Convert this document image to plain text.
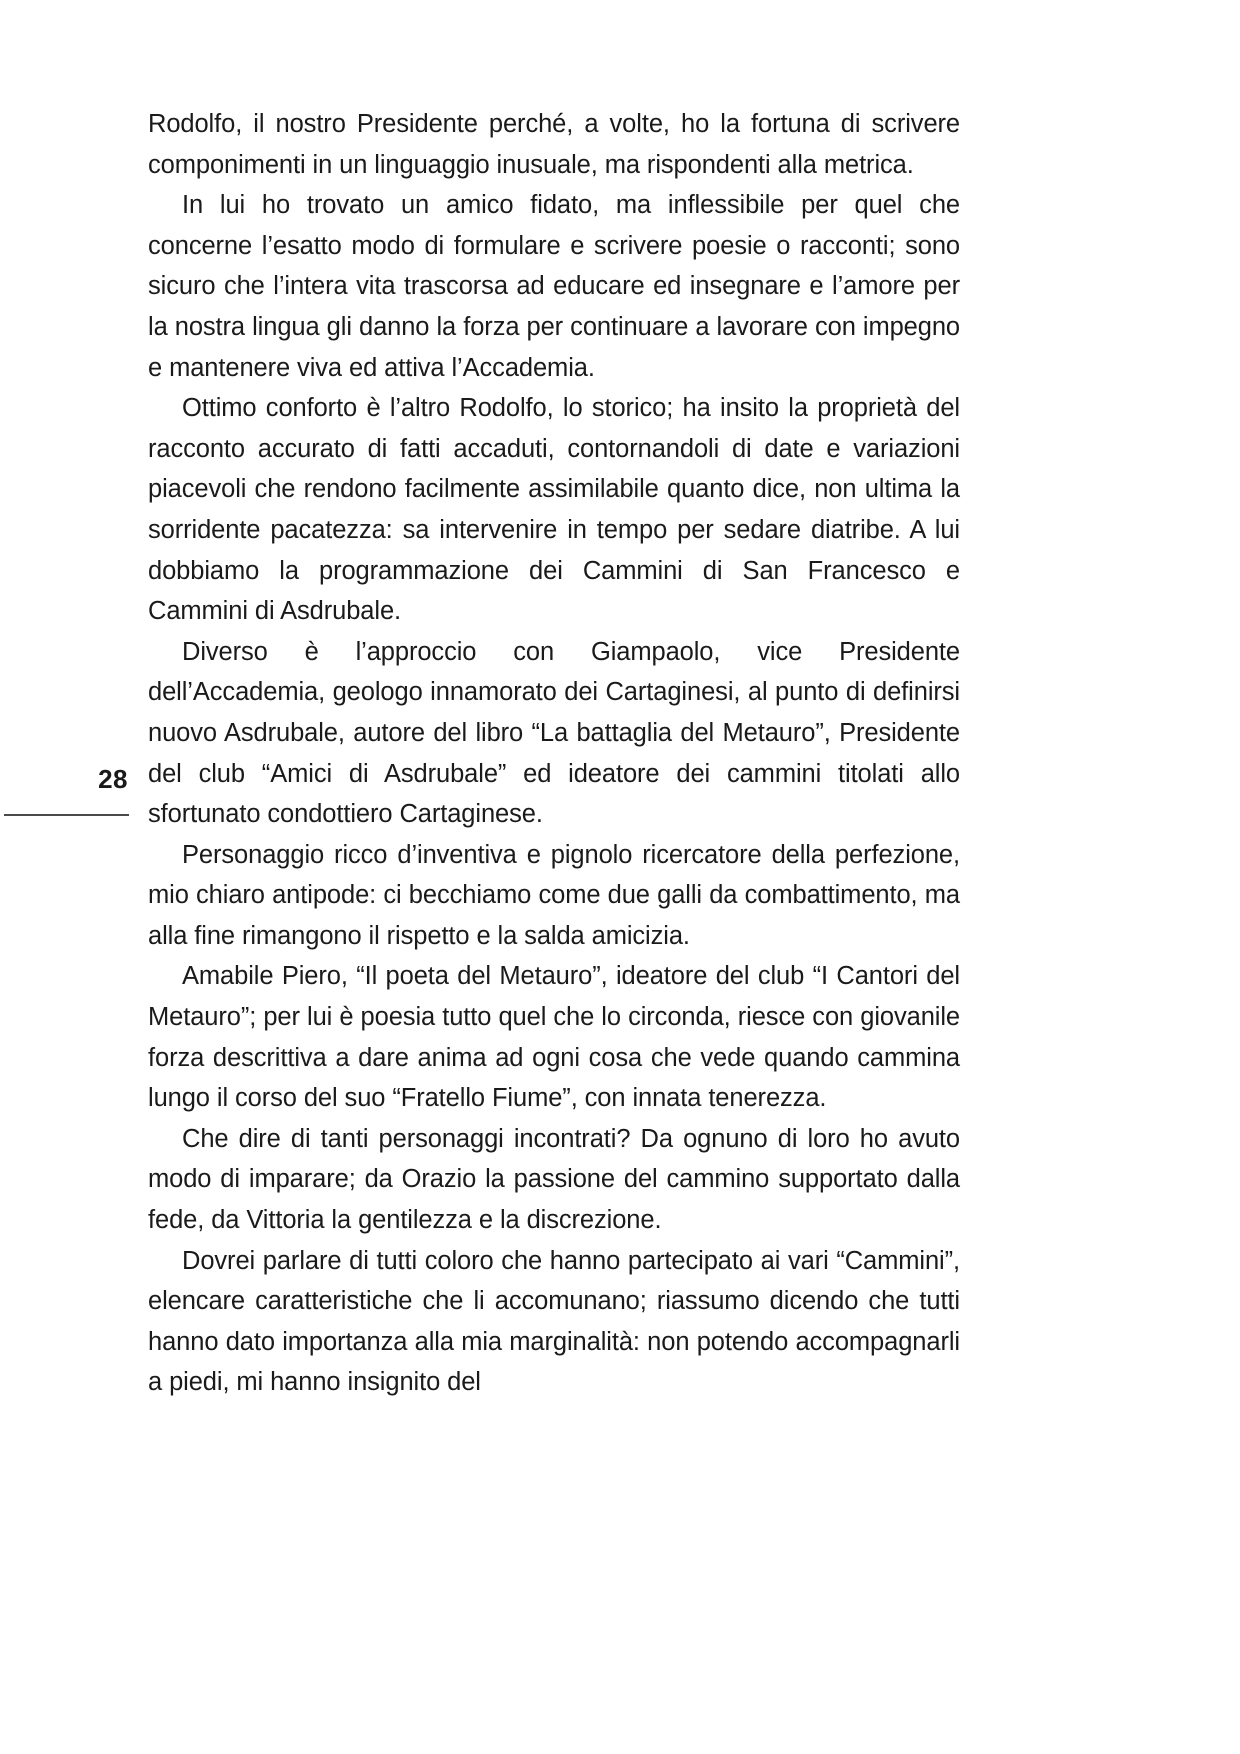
28

Rodolfo, il nostro Presidente perché, a volte, ho la fortuna di scrivere componimenti in un linguaggio inusuale, ma rispondenti alla metrica.

In lui ho trovato un amico fidato, ma inflessibile per quel che concerne l’esatto modo di formulare e scrivere poesie o racconti; sono sicuro che l’intera vita trascorsa ad educare ed insegnare e l’amore per la nostra lingua gli danno la forza per continuare a lavorare con impegno e mantenere viva ed attiva l’Accademia.

Ottimo conforto è l’altro Rodolfo, lo storico; ha insito la proprietà del racconto accurato di fatti accaduti, contornandoli di date e variazioni piacevoli che rendono facilmente assimilabile quanto dice, non ultima la sorridente pacatezza: sa intervenire in tempo per sedare diatribe. A lui dobbiamo la programmazione dei Cammini di San Francesco e Cammini di Asdrubale.

Diverso è l’approccio con Giampaolo, vice Presidente dell’Accademia, geologo innamorato dei Cartaginesi, al punto di definirsi nuovo Asdrubale, autore del libro “La battaglia del Metauro”, Presidente del club “Amici di Asdrubale” ed ideatore dei cammini titolati allo sfortunato condottiero Cartaginese.

Personaggio ricco d’inventiva e pignolo ricercatore della perfezione, mio chiaro antipode: ci becchiamo come due galli da combattimento, ma alla fine rimangono il rispetto e la salda amicizia.

Amabile Piero, “Il poeta del Metauro”, ideatore del club “I Cantori del Metauro”; per lui è poesia tutto quel che lo circonda, riesce con giovanile forza descrittiva a dare anima ad ogni cosa che vede quando cammina lungo il corso del suo “Fratello Fiume”, con innata tenerezza.

Che dire di tanti personaggi incontrati? Da ognuno di loro ho avuto modo di imparare; da Orazio la passione del cammino supportato dalla fede, da Vittoria la gentilezza e la discrezione.

Dovrei parlare di tutti coloro che hanno partecipato ai vari “Cammini”, elencare caratteristiche che li accomunano; riassumo dicendo che tutti hanno dato importanza alla mia marginalità: non potendo accompagnarli a piedi, mi hanno insignito del
